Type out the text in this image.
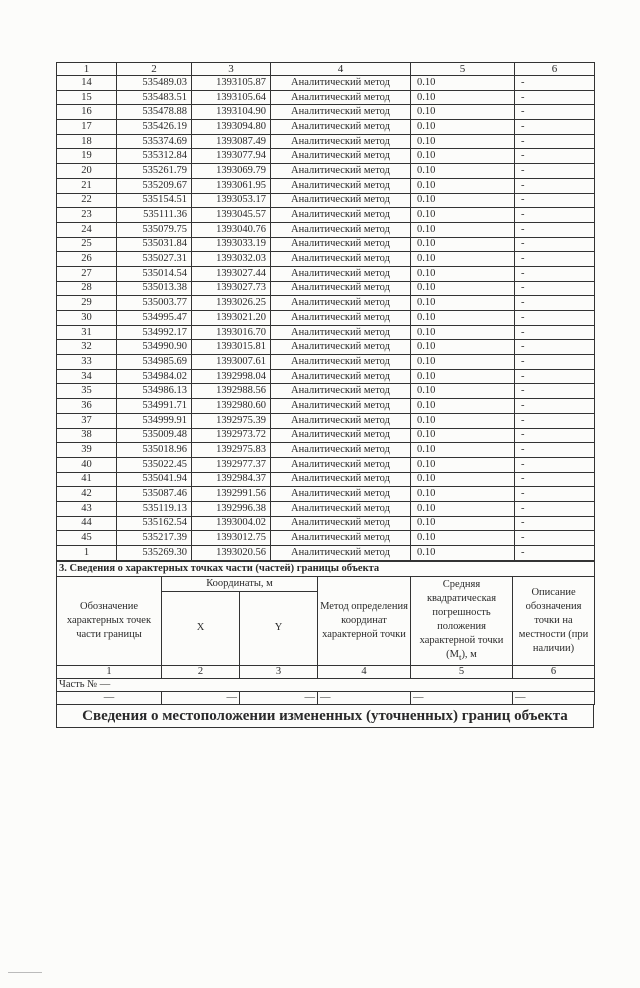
1	2	3	4	5	6
14	535489.03	1393105.87	Аналитический метод	0.10	-
15	535483.51	1393105.64	Аналитический метод	0.10	-
16	535478.88	1393104.90	Аналитический метод	0.10	-
17	535426.19	1393094.80	Аналитический метод	0.10	-
18	535374.69	1393087.49	Аналитический метод	0.10	-
19	535312.84	1393077.94	Аналитический метод	0.10	-
20	535261.79	1393069.79	Аналитический метод	0.10	-
21	535209.67	1393061.95	Аналитический метод	0.10	-
22	535154.51	1393053.17	Аналитический метод	0.10	-
23	535111.36	1393045.57	Аналитический метод	0.10	-
24	535079.75	1393040.76	Аналитический метод	0.10	-
25	535031.84	1393033.19	Аналитический метод	0.10	-
26	535027.31	1393032.03	Аналитический метод	0.10	-
27	535014.54	1393027.44	Аналитический метод	0.10	-
28	535013.38	1393027.73	Аналитический метод	0.10	-
29	535003.77	1393026.25	Аналитический метод	0.10	-
30	534995.47	1393021.20	Аналитический метод	0.10	-
31	534992.17	1393016.70	Аналитический метод	0.10	-
32	534990.90	1393015.81	Аналитический метод	0.10	-
33	534985.69	1393007.61	Аналитический метод	0.10	-
34	534984.02	1392998.04	Аналитический метод	0.10	-
35	534986.13	1392988.56	Аналитический метод	0.10	-
36	534991.71	1392980.60	Аналитический метод	0.10	-
37	534999.91	1392975.39	Аналитический метод	0.10	-
38	535009.48	1392973.72	Аналитический метод	0.10	-
39	535018.96	1392975.83	Аналитический метод	0.10	-
40	535022.45	1392977.37	Аналитический метод	0.10	-
41	535041.94	1392984.37	Аналитический метод	0.10	-
42	535087.46	1392991.56	Аналитический метод	0.10	-
43	535119.13	1392996.38	Аналитический метод	0.10	-
44	535162.54	1393004.02	Аналитический метод	0.10	-
45	535217.39	1393012.75	Аналитический метод	0.10	-
1	535269.30	1393020.56	Аналитический метод	0.10	-
3. Сведения о характерных точках части (частей) границы объекта					
Обозначение характерных точек части границы	Координаты, м		Метод определения координат характерной точки	Средняя квадратическая погрешность положения характерной точки $(M_t)$, м	Описание обозначения точки на местности (при наличии)
	X	Y			
1	2	3	4	5	6
Часть № —					
—	—	—	—	—	—
Сведения о местоположении измененных (уточненных) границ объекта
